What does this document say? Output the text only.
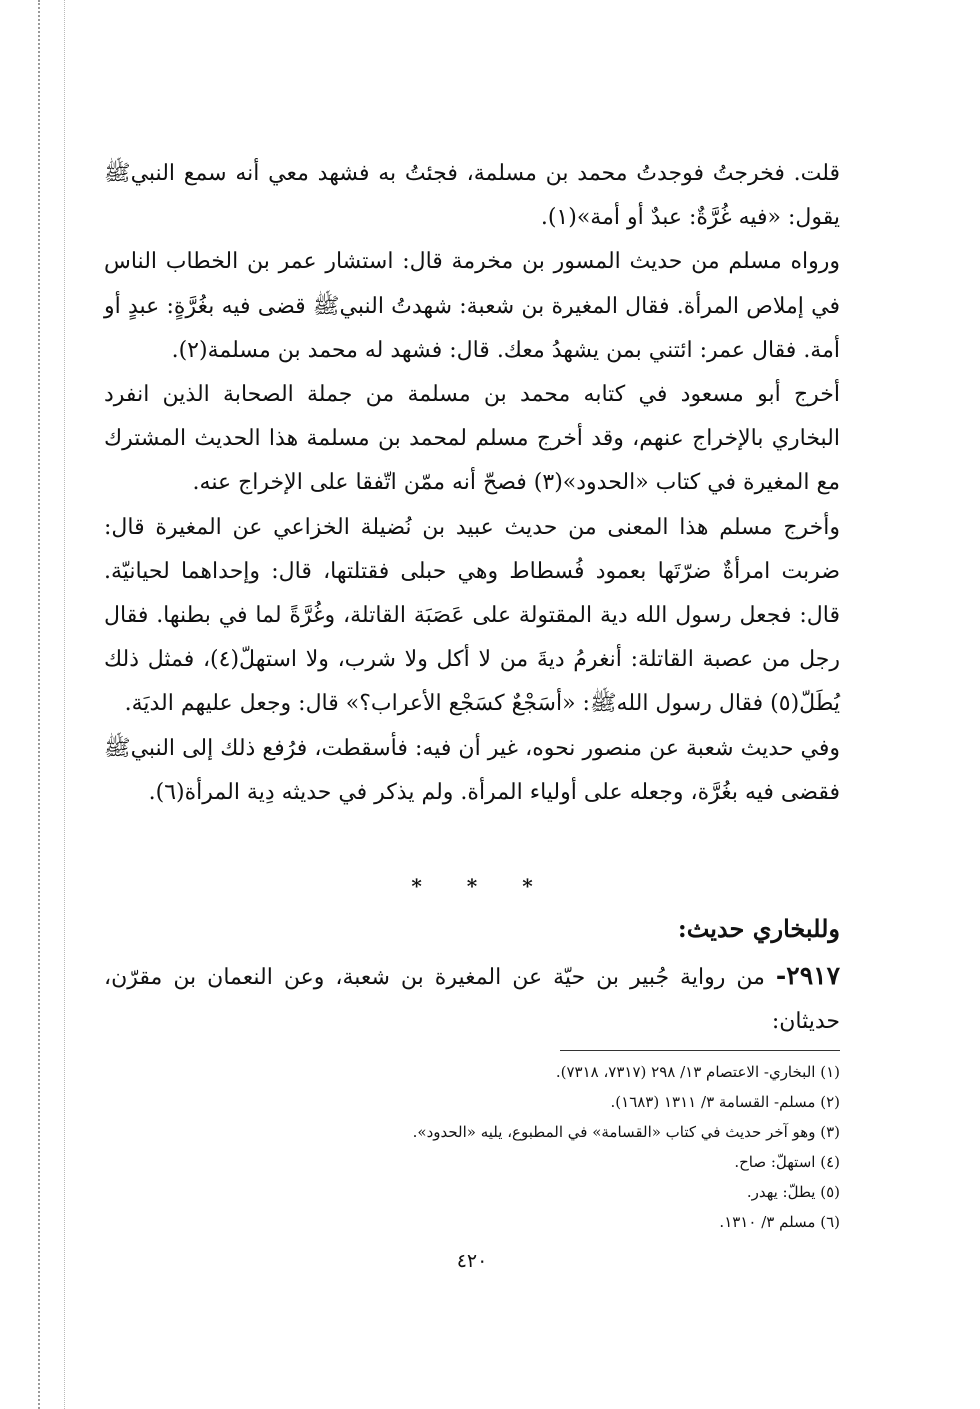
قلت. فخرجتُ فوجدتُ محمد بن مسلمة، فجئتُ به فشهد معي أنه سمع النبيﷺ يقول: «فيه غُرَّةٌ: عبدٌ أو أمة»(١).

ورواه مسلم من حديث المسور بن مخرمة قال: استشار عمر بن الخطاب الناس في إملاص المرأة. فقال المغيرة بن شعبة: شهدتُ النبيﷺ قضى فيه بغُرَّةٍ: عبدٍ أو أمة. فقال عمر: ائتني بمن يشهدُ معك. قال: فشهد له محمد بن مسلمة(٢).

أخرج أبو مسعود في كتابه محمد بن مسلمة من جملة الصحابة الذين انفرد البخاري بالإخراج عنهم، وقد أخرج مسلم لمحمد بن مسلمة هذا الحديث المشترك مع المغيرة في كتاب «الحدود»(٣) فصحّ أنه ممّن اتّفقا على الإخراج عنه.

وأخرج مسلم هذا المعنى من حديث عبيد بن نُضيلة الخزاعي عن المغيرة قال: ضربت امرأةٌ ضرّتَها بعمود فُسطاط وهي حبلى فقتلتها، قال: وإحداهما لحيانيّة. قال: فجعل رسول الله دية المقتولة على عَصَبَة القاتلة، وغُرَّةً لما في بطنها. فقال رجل من عصبة القاتلة: أنغرمُ ديةَ من لا أكل ولا شرب، ولا استهلّ(٤)، فمثل ذلك يُطَلّ(٥) فقال رسول اللهﷺ: «أسَجْعٌ كسَجْع الأعراب؟» قال: وجعل عليهم الديَة.

وفي حديث شعبة عن منصور نحوه، غير أن فيه: فأسقطت، فرُفع ذلك إلى النبيﷺ فقضى فيه بغُرَّة، وجعله على أولياء المرأة. ولم يذكر في حديثه دِية المرأة(٦).

* * *
وللبخاري حديث:
٢٩١٧- من رواية جُبير بن حيّة عن المغيرة بن شعبة، وعن النعمان بن مقرّن، حديثان:
(١) البخاري- الاعتصام ١٣/ ٢٩٨ (٧٣١٧، ٧٣١٨).
(٢) مسلم- القسامة ٣/ ١٣١١ (١٦٨٣).
(٣) وهو آخر حديث في كتاب «القسامة» في المطبوع، يليه «الحدود».
(٤) استهلّ: صاح.
(٥) يطلّ: يهدر.
(٦) مسلم ٣/ ١٣١٠.
٤٢٠
